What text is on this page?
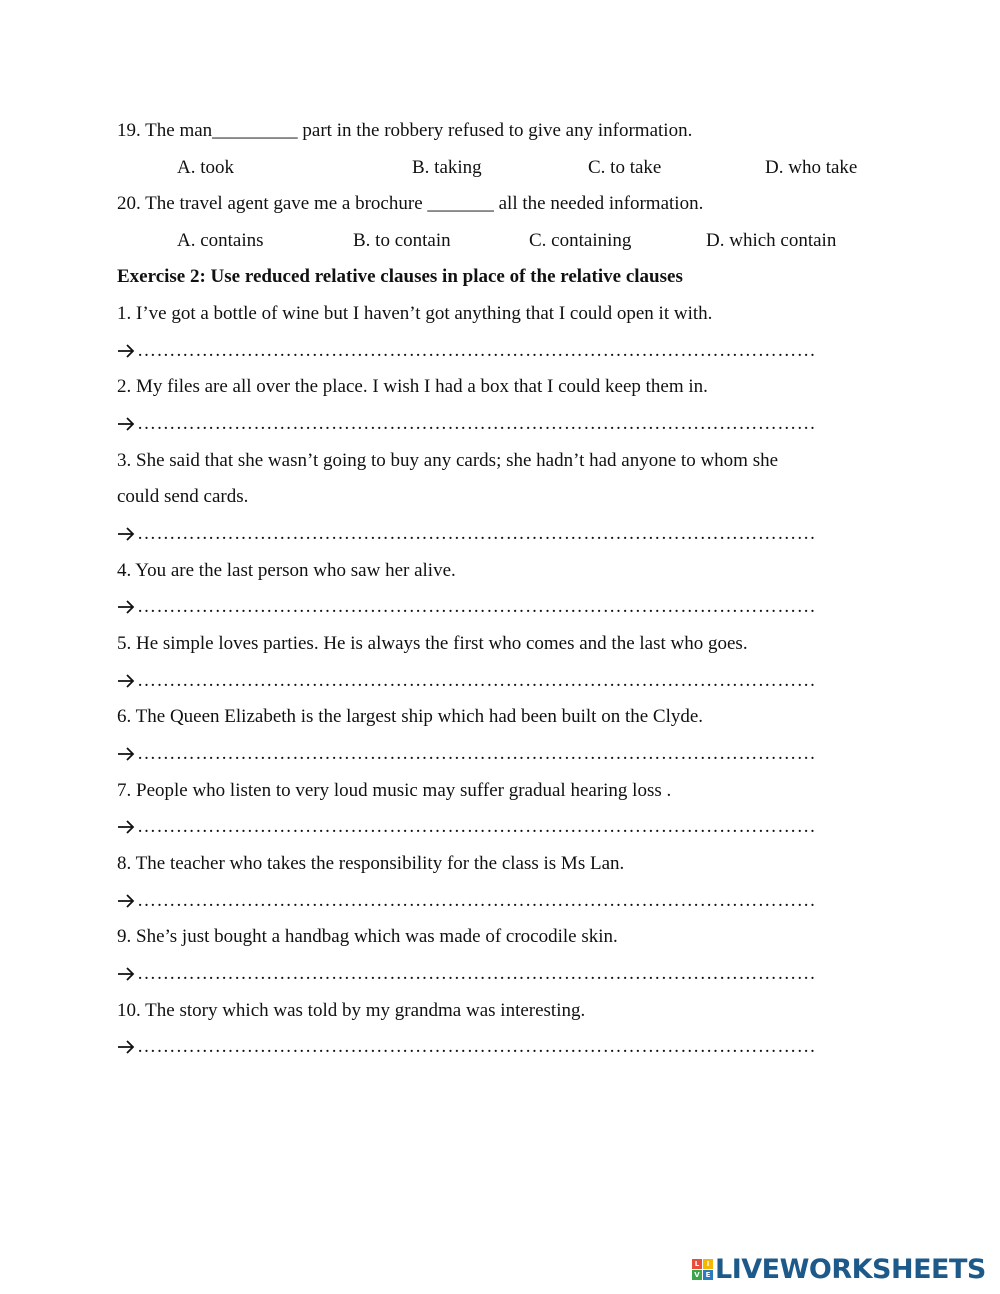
19. The man_________ part in the robbery refused to give any information.
A. took	B. taking	C. to take	D. who take
20. The travel agent gave me a brochure _______ all the needed information.
A. contains	B. to contain	C. containing	D. which contain
Exercise 2: Use reduced relative clauses in place of the relative clauses
1. I’ve got a bottle of wine but I haven’t got anything that I could open it with.
……………………………………………………………………………………………
2. My files are all over the place. I wish I had a box that I could keep them in.
……………………………………………………………………………………………
3. She said that she wasn’t going to buy any cards; she hadn’t had anyone to whom she
could send cards.
……………………………………………………………………………………………
4. You are the last person who saw her alive.
……………………………………………………………………………………………
5. He simple loves parties. He is always the first who comes and the last who goes.
……………………………………………………………………………………………
6. The Queen Elizabeth is the largest ship which had been built on the Clyde.
……………………………………………………………………………………………
7. People who listen to very loud music may suffer gradual hearing loss .
……………………………………………………………………………………………
8. The teacher who takes the responsibility for the class is Ms Lan.
……………………………………………………………………………………………
9. She’s just bought a handbag which was made of crocodile skin.
……………………………………………………………………………………………
10. The story which was told by my grandma was interesting.
……………………………………………………………………………………………
L	I
V E LIVEWORKSHEETS
